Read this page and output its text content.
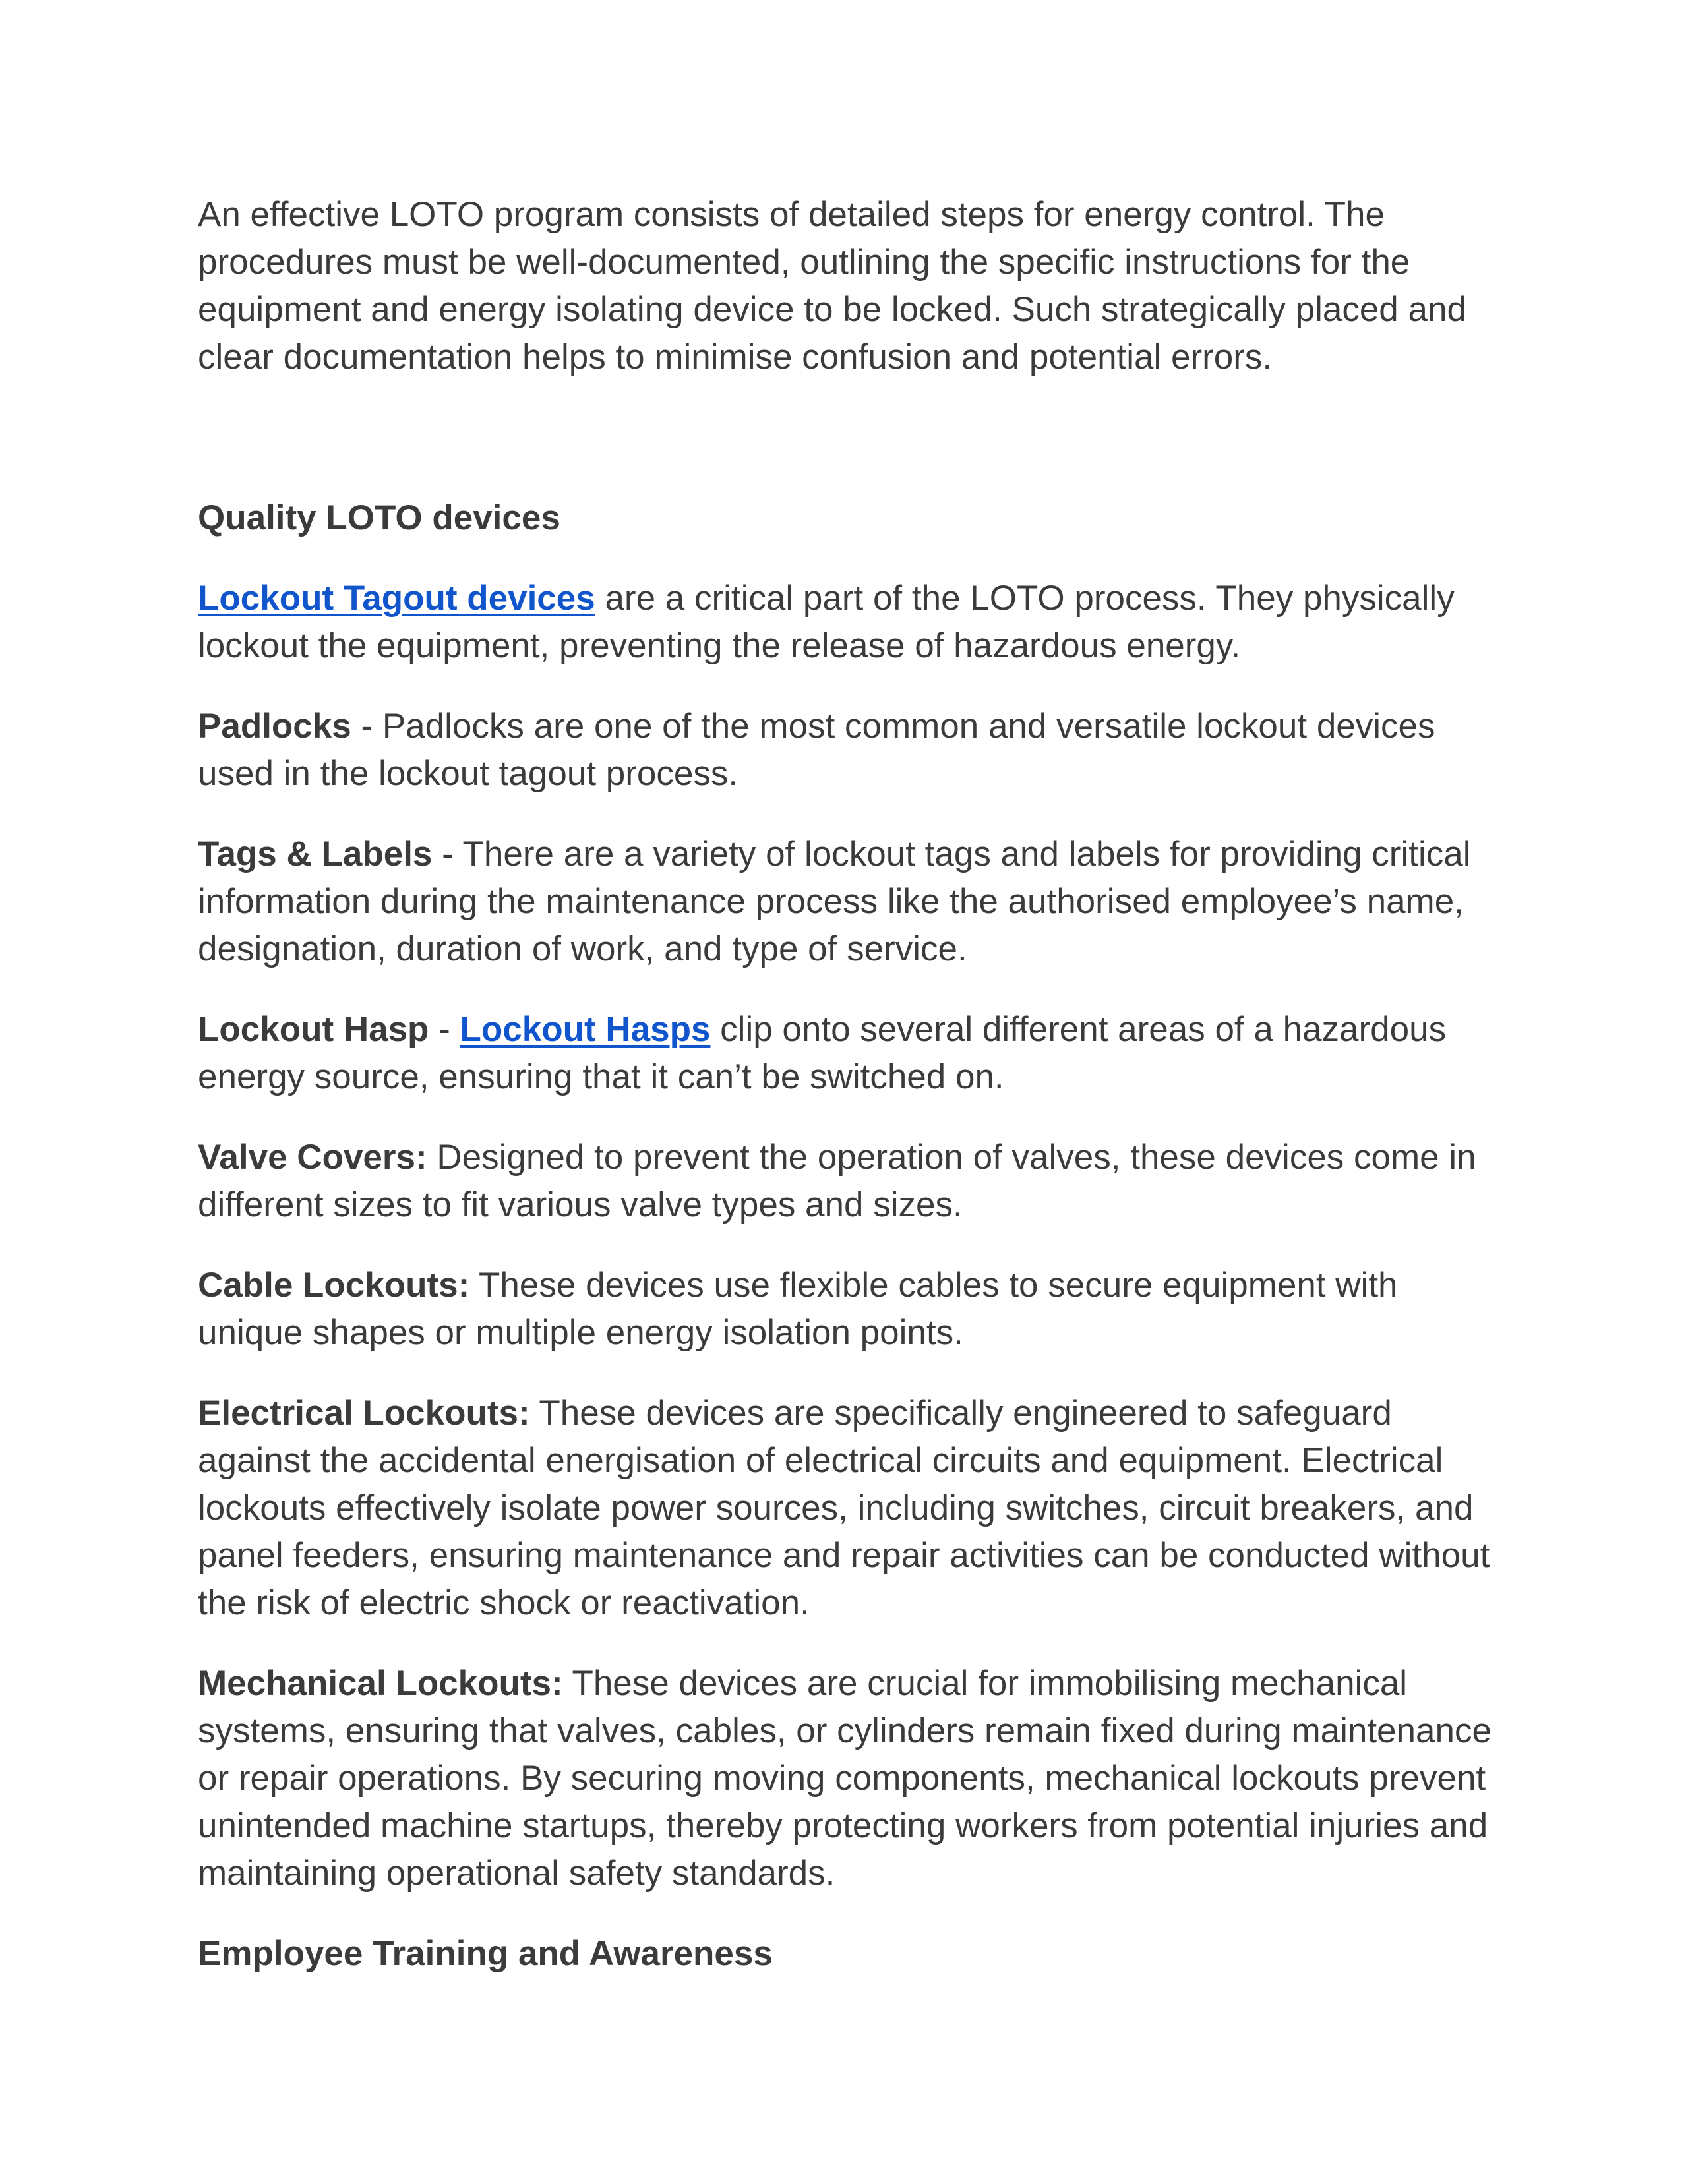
An effective LOTO program consists of detailed steps for energy control. The procedures must be well-documented, outlining the specific instructions for the equipment and energy isolating device to be locked. Such strategically placed and clear documentation helps to minimise confusion and potential errors.

Quality LOTO devices

Lockout Tagout devices are a critical part of the LOTO process. They physically lockout the equipment, preventing the release of hazardous energy.

Padlocks - Padlocks are one of the most common and versatile lockout devices used in the lockout tagout process.

Tags & Labels - There are a variety of lockout tags and labels for providing critical information during the maintenance process like the authorised employee’s name, designation, duration of work, and type of service.

Lockout Hasp - Lockout Hasps clip onto several different areas of a hazardous energy source, ensuring that it can’t be switched on.

Valve Covers: Designed to prevent the operation of valves, these devices come in different sizes to fit various valve types and sizes.

Cable Lockouts: These devices use flexible cables to secure equipment with unique shapes or multiple energy isolation points.

Electrical Lockouts: These devices are specifically engineered to safeguard against the accidental energisation of electrical circuits and equipment. Electrical lockouts effectively isolate power sources, including switches, circuit breakers, and panel feeders, ensuring maintenance and repair activities can be conducted without the risk of electric shock or reactivation.

Mechanical Lockouts: These devices are crucial for immobilising mechanical systems, ensuring that valves, cables, or cylinders remain fixed during maintenance or repair operations. By securing moving components, mechanical lockouts prevent unintended machine startups, thereby protecting workers from potential injuries and maintaining operational safety standards.

Employee Training and Awareness
